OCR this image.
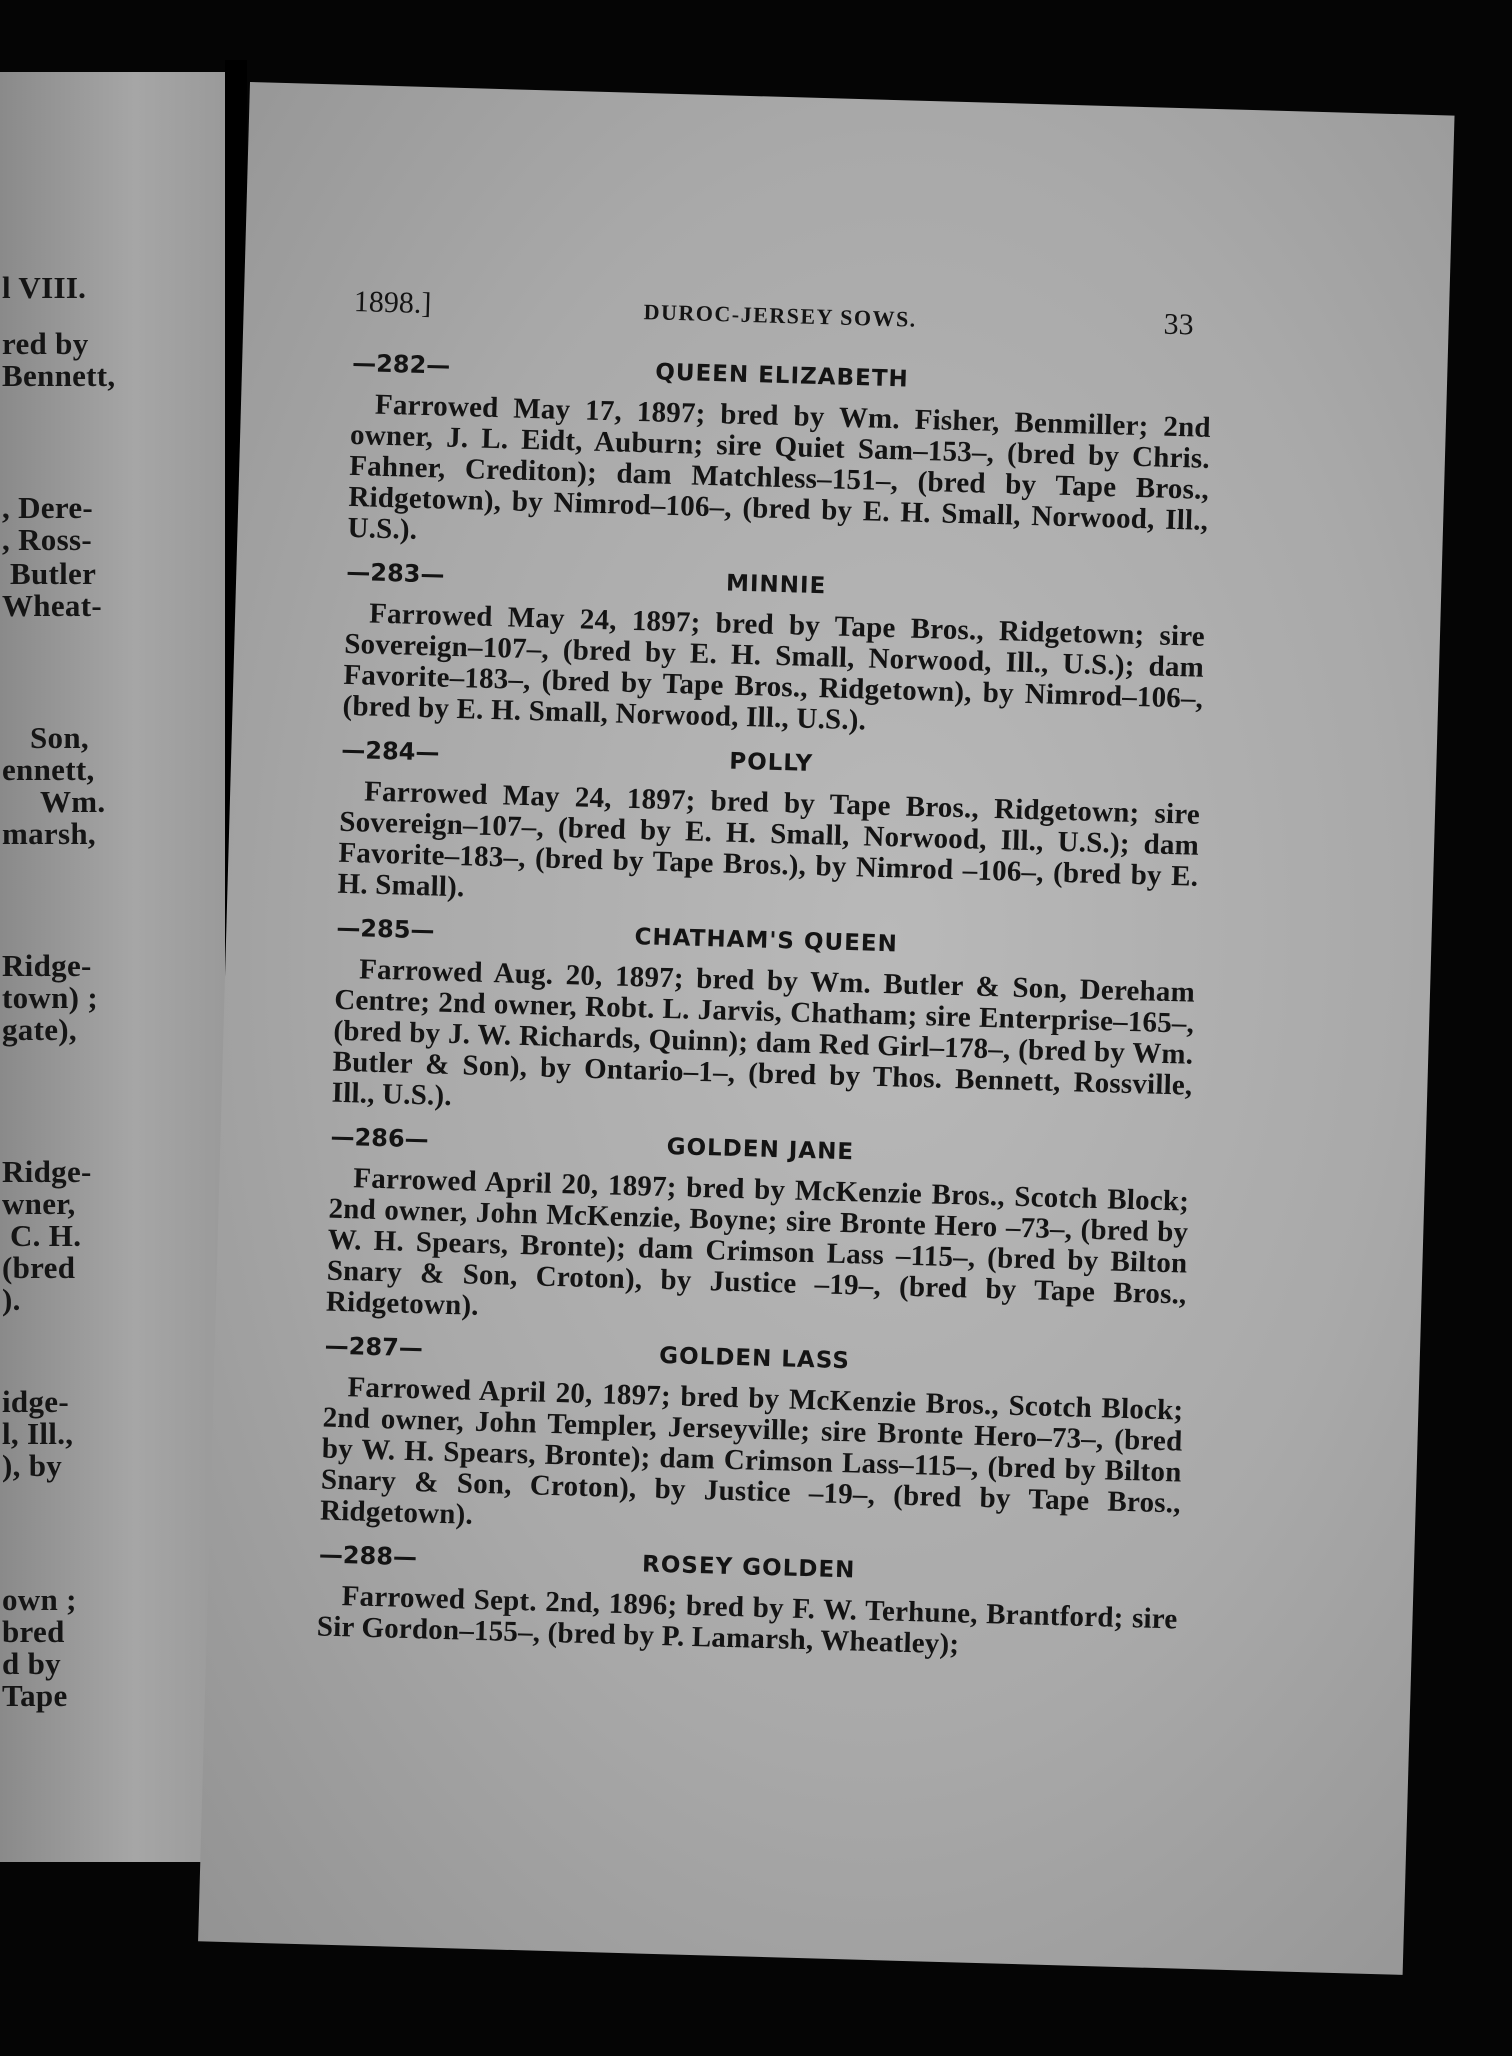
l VIII.
red by
Bennett,
, Dere-
, Ross-
Butler
Wheat-
Son,
ennett,
Wm.
marsh,
Ridge-
town) ;
gate),
Ridge-
wner,
C. H.
(bred
).
idge-
l, Ill.,
), by
own ;
bred
d by
Tape
1898.]	DUROC-JERSEY SOWS.	33
—282—	QUEEN ELIZABETH
Farrowed May 17, 1897; bred by Wm. Fisher, Benmiller; 2nd owner, J. L. Eidt, Auburn; sire Quiet Sam–153–, (bred by Chris. Fahner, Crediton); dam Matchless–151–, (bred by Tape Bros., Ridgetown), by Nimrod–106–, (bred by E. H. Small, Norwood, Ill., U.S.).
—283—	MINNIE
Farrowed May 24, 1897; bred by Tape Bros., Ridgetown; sire Sovereign–107–, (bred by E. H. Small, Norwood, Ill., U.S.); dam Favorite–183–, (bred by Tape Bros., Ridgetown), by Nimrod–106–, (bred by E. H. Small, Norwood, Ill., U.S.).
—284—	POLLY
Farrowed May 24, 1897; bred by Tape Bros., Ridgetown; sire Sovereign–107–, (bred by E. H. Small, Norwood, Ill., U.S.); dam Favorite–183–, (bred by Tape Bros.), by Nimrod –106–, (bred by E. H. Small).
—285—	CHATHAM'S QUEEN
Farrowed Aug. 20, 1897; bred by Wm. Butler & Son, Dereham Centre; 2nd owner, Robt. L. Jarvis, Chatham; sire Enterprise–165–, (bred by J. W. Richards, Quinn); dam Red Girl–178–, (bred by Wm. Butler & Son), by Ontario–1–, (bred by Thos. Bennett, Rossville, Ill., U.S.).
—286—	GOLDEN JANE
Farrowed April 20, 1897; bred by McKenzie Bros., Scotch Block; 2nd owner, John McKenzie, Boyne; sire Bronte Hero –73–, (bred by W. H. Spears, Bronte); dam Crimson Lass –115–, (bred by Bilton Snary & Son, Croton), by Justice –19–, (bred by Tape Bros., Ridgetown).
—287—	GOLDEN LASS
Farrowed April 20, 1897; bred by McKenzie Bros., Scotch Block; 2nd owner, John Templer, Jerseyville; sire Bronte Hero–73–, (bred by W. H. Spears, Bronte); dam Crimson Lass–115–, (bred by Bilton Snary & Son, Croton), by Justice –19–, (bred by Tape Bros., Ridgetown).
—288—	ROSEY GOLDEN
Farrowed Sept. 2nd, 1896; bred by F. W. Terhune, Brantford; sire Sir Gordon–155–, (bred by P. Lamarsh, Wheatley);
